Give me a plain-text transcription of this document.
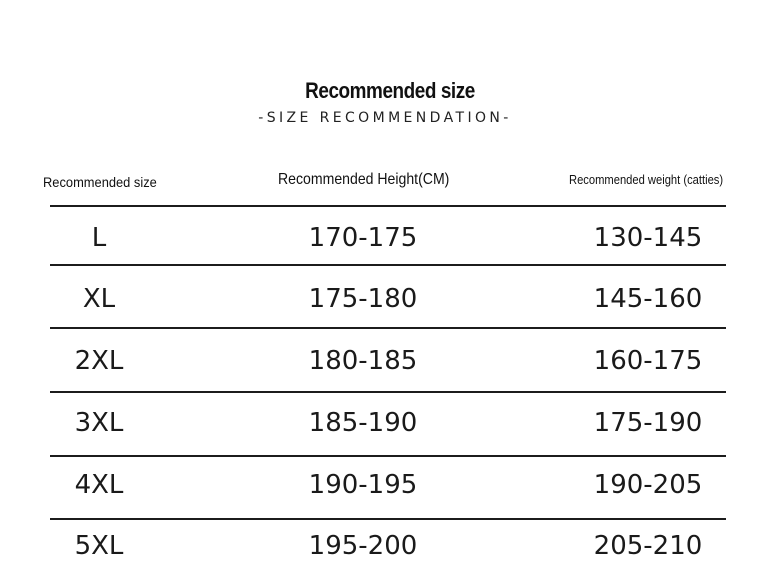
Recommended size
-SIZE RECOMMENDATION-
Recommended size	Recommended Height(CM)	Recommended weight (catties)
L	170-175	130-145
XL	175-180	145-160
2XL	180-185	160-175
3XL	185-190	175-190
4XL	190-195	190-205
5XL	195-200	205-210
